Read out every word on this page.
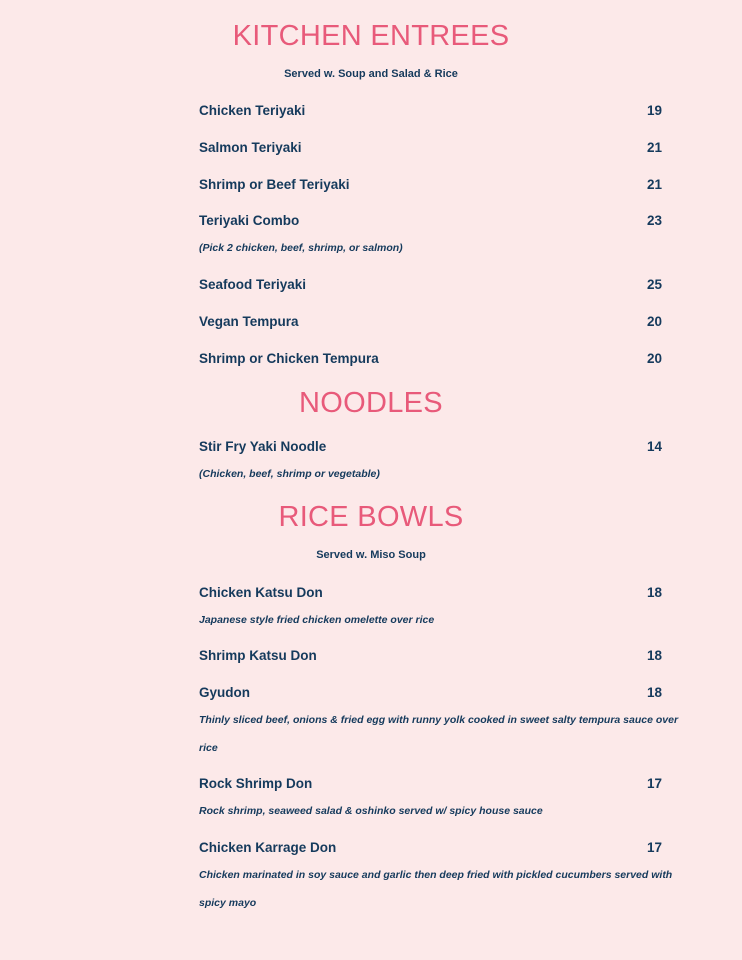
KITCHEN ENTREES
Served w. Soup and Salad & Rice
Chicken Teriyaki	19
Salmon Teriyaki	21
Shrimp or Beef Teriyaki	21
Teriyaki Combo	23
(Pick 2 chicken, beef, shrimp, or salmon)
Seafood Teriyaki	25
Vegan Tempura	20
Shrimp or Chicken Tempura	20
NOODLES
Stir Fry Yaki Noodle	14
(Chicken, beef, shrimp or vegetable)
RICE BOWLS
Served w. Miso Soup
Chicken Katsu Don	18
Japanese style fried chicken omelette over rice
Shrimp Katsu Don	18
Gyudon	18
Thinly sliced beef, onions & fried egg with runny yolk cooked in sweet salty tempura sauce over rice
Rock Shrimp Don	17
Rock shrimp, seaweed salad & oshinko served w/ spicy house sauce
Chicken Karrage Don	17
Chicken marinated in soy sauce and garlic then deep fried with pickled cucumbers served with spicy mayo
